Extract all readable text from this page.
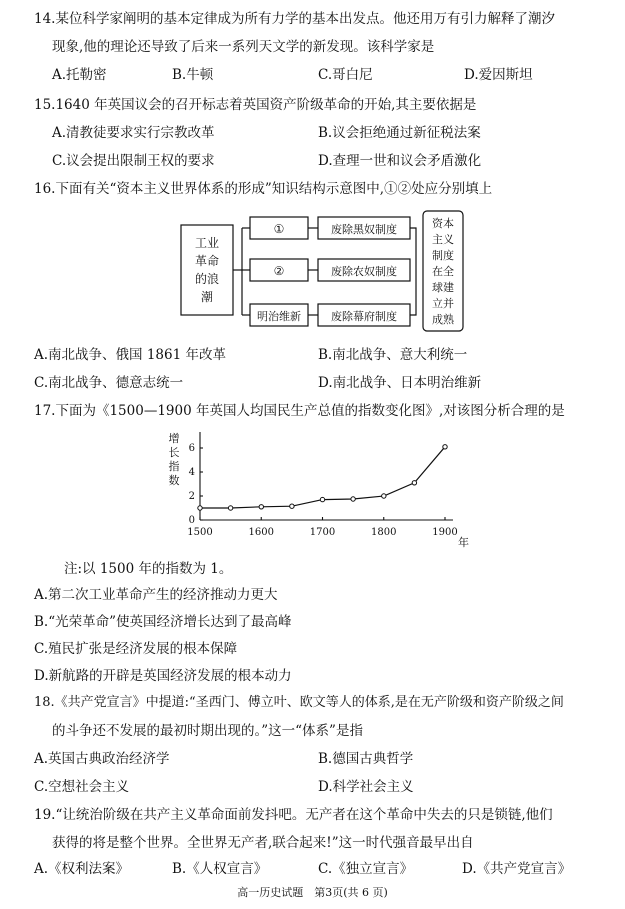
14.某位科学家阐明的基本定律成为所有力学的基本出发点。他还用万有引力解释了潮汐
现象,他的理论还导致了后来一系列天文学的新发现。该科学家是
A.托勒密	B.牛顿	C.哥白尼	D.爱因斯坦
15.1640 年英国议会的召开标志着英国资产阶级革命的开始,其主要依据是
A.清教徒要求实行宗教改革	B.议会拒绝通过新征税法案
C.议会提出限制王权的要求	D.查理一世和议会矛盾激化
16.下面有关“资本主义世界体系的形成”知识结构示意图中,①②处应分别填上
工业
革命
的浪
潮
①
②
明治维新
废除黑奴制度
废除农奴制度
废除幕府制度
资本
主义
制度
在全
球建
立并
成熟
A.南北战争、俄国 1861 年改革	B.南北战争、意大利统一
C.南北战争、德意志统一	D.南北战争、日本明治维新
17.下面为《1500—1900 年英国人均国民生产总值的指数变化图》,对该图分析合理的是
1500	1600	1700	1800	1900
0
2
4
6
增
长
指
数
年
注:以 1500 年的指数为 1。
A.第二次工业革命产生的经济推动力更大
B.“光荣革命”使英国经济增长达到了最高峰
C.殖民扩张是经济发展的根本保障
D.新航路的开辟是英国经济发展的根本动力
18.《共产党宣言》中提道:“圣西门、傅立叶、欧文等人的体系,是在无产阶级和资产阶级之间
的斗争还不发展的最初时期出现的。”这一“体系”是指
A.英国古典政治经济学	B.德国古典哲学
C.空想社会主义	D.科学社会主义
19.“让统治阶级在共产主义革命面前发抖吧。无产者在这个革命中失去的只是锁链,他们
获得的将是整个世界。全世界无产者,联合起来!”这一时代强音最早出自
A.《权利法案》	B.《人权宣言》	C.《独立宣言》	D.《共产党宣言》
高一历史试题　第3页(共 6 页)
